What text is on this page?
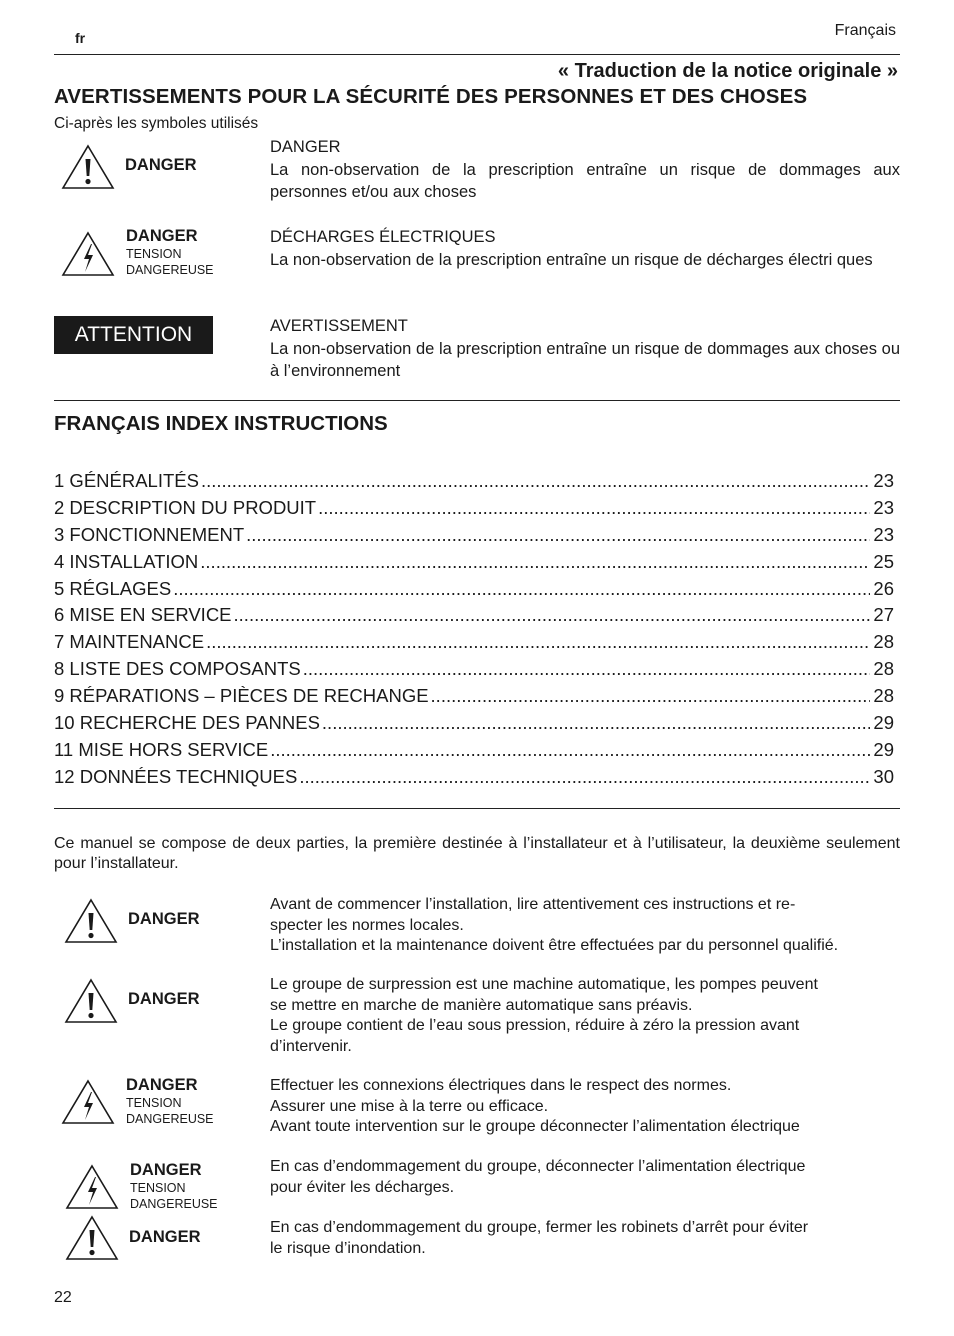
fr	Français
« Traduction de la notice originale »
AVERTISSEMENTS POUR LA SÉCURITÉ DES PERSONNES ET DES CHOSES
Ci-après les symboles utilisés
DANGER
DANGER
La non-observation de la prescription entraîne un risque de dommages aux personnes et/ou aux choses
DANGER
TENSION DANGEREUSE
DÉCHARGES ÉLECTRIQUES
La non-observation de la prescription entraîne un risque de décharges électri ques
ATTENTION	AVERTISSEMENT
La non-observation de la prescription entraîne un risque de dommages aux choses ou à l’environnement
FRANÇAIS INDEX INSTRUCTIONS
1 GÉNÉRALITÉS .....	23
2 DESCRIPTION DU PRODUIT .....	23
3 FONCTIONNEMENT .....	23
4 INSTALLATION .....	25
5 RÉGLAGES .....	26
6 MISE EN SERVICE .....	27
7 MAINTENANCE .....	28
8 LISTE DES COMPOSANTS .....	28
9 RÉPARATIONS – PIÈCES DE RECHANGE .....	28
10 RECHERCHE DES PANNES .....	29
11 MISE HORS SERVICE .....	29
12 DONNÉES TECHNIQUES .....	30
Ce manuel se compose de deux parties, la première destinée à l’installateur et à l’utilisateur, la deuxième seulement pour l’installateur.
DANGER
Avant de commencer l’installation, lire attentivement ces instructions et re-
specter les normes locales.
L’installation et la maintenance doivent être effectuées par du personnel qualifié.
DANGER
Le groupe de surpression est une machine automatique, les pompes peuvent
se mettre en marche de manière automatique sans préavis.
Le groupe contient de l’eau sous pression, réduire à zéro la pression avant
d’intervenir.
DANGER
TENSION DANGEREUSE
Effectuer les connexions électriques dans le respect des normes.
Assurer une mise à la terre ou efficace.
Avant toute intervention sur le groupe déconnecter l’alimentation électrique
DANGER
TENSION DANGEREUSE
En cas d’endommagement du groupe, déconnecter l’alimentation électrique
pour éviter les décharges.
DANGER
En cas d’endommagement du groupe, fermer les robinets d’arrêt pour éviter
le risque d’inondation.
22
